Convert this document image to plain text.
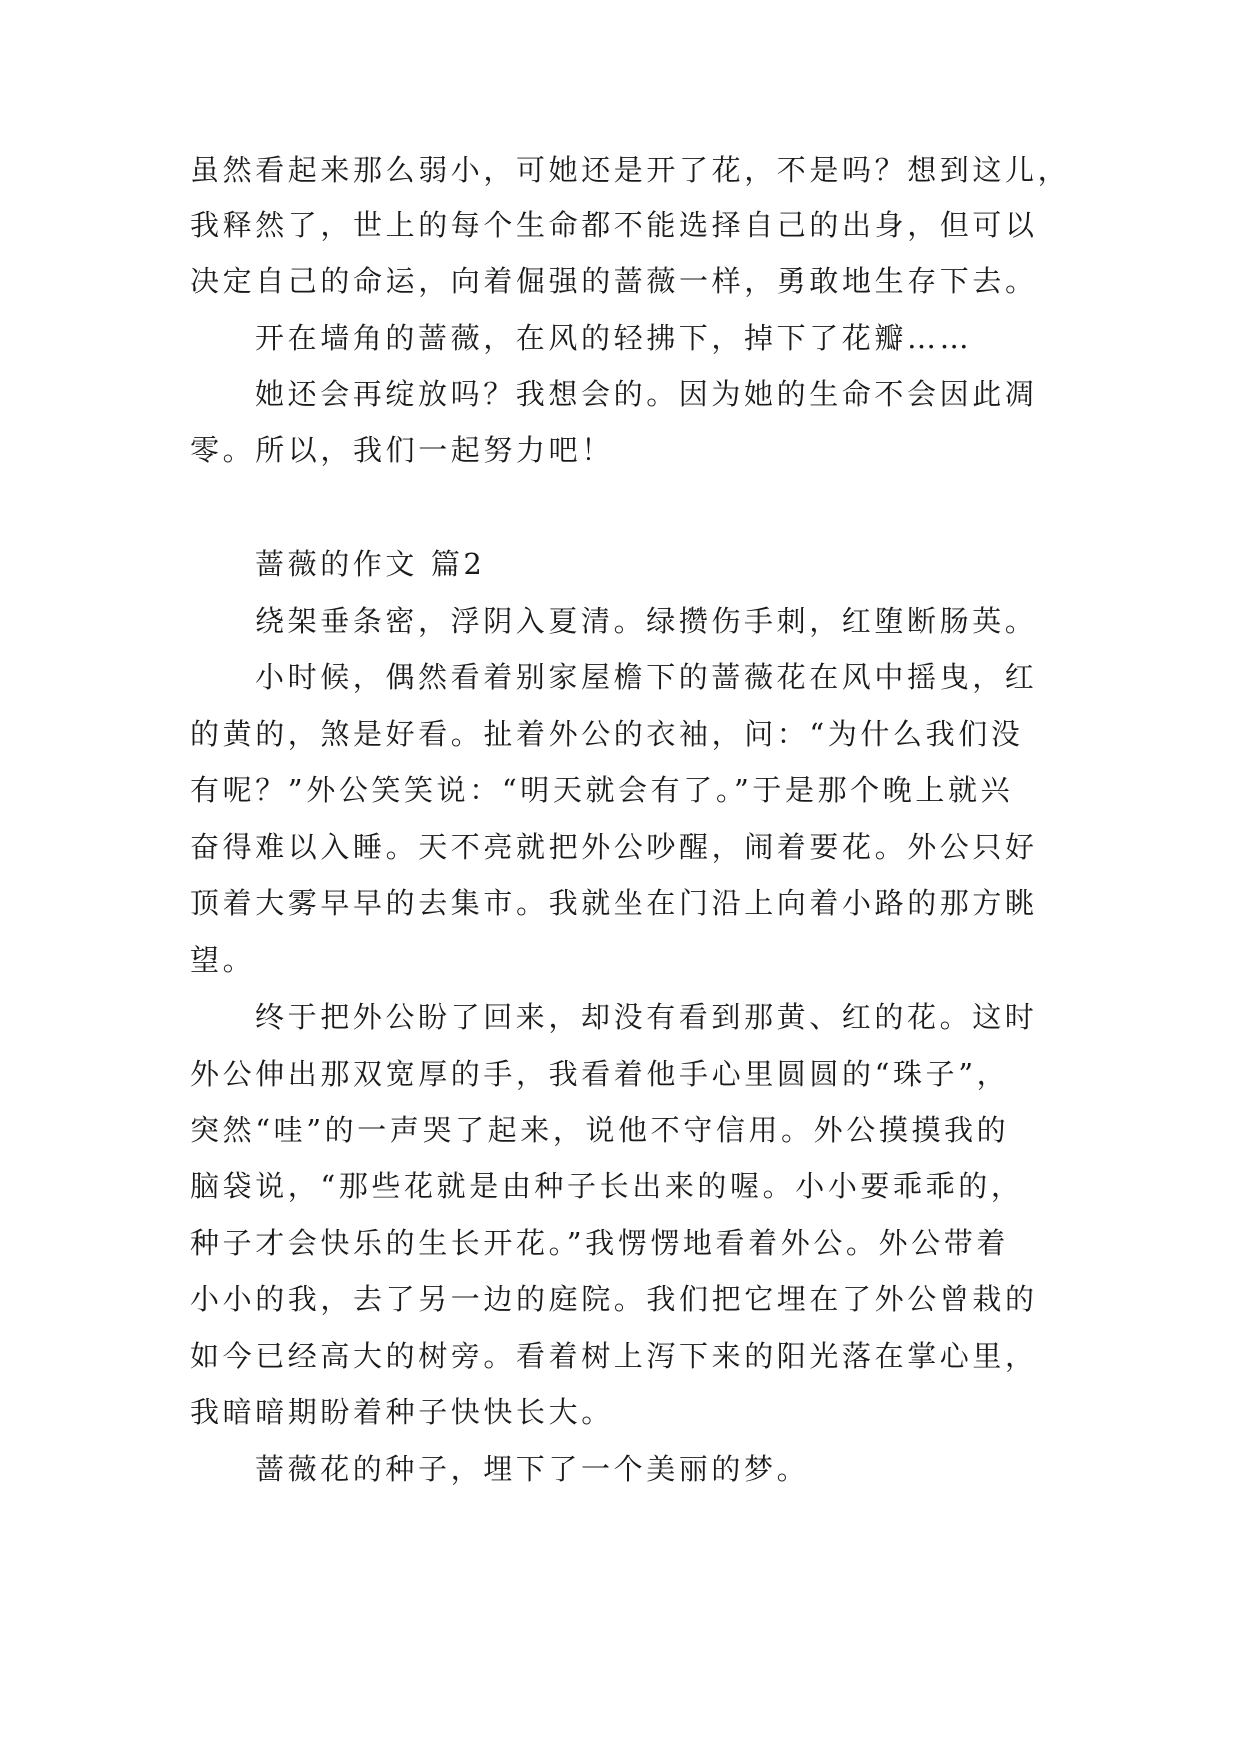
虽然看起来那么弱小，可她还是开了花，不是吗？想到这儿，
我释然了，世上的每个生命都不能选择自己的出身，但可以
决定自己的命运，向着倔强的蔷薇一样，勇敢地生存下去。
开在墙角的蔷薇，在风的轻拂下，掉下了花瓣……
她还会再绽放吗？我想会的。因为她的生命不会因此凋
零。所以，我们一起努力吧！
蔷薇的作文 篇2
绕架垂条密，浮阴入夏清。绿攒伤手刺，红堕断肠英。
小时候，偶然看着别家屋檐下的蔷薇花在风中摇曳，红
的黄的，煞是好看。扯着外公的衣袖，问：“为什么我们没
有呢？”外公笑笑说：“明天就会有了。”于是那个晚上就兴
奋得难以入睡。天不亮就把外公吵醒，闹着要花。外公只好
顶着大雾早早的去集市。我就坐在门沿上向着小路的那方眺
望。
终于把外公盼了回来，却没有看到那黄、红的花。这时
外公伸出那双宽厚的手，我看着他手心里圆圆的“珠子”，
突然“哇”的一声哭了起来，说他不守信用。外公摸摸我的
脑袋说，“那些花就是由种子长出来的喔。小小要乖乖的，
种子才会快乐的生长开花。”我愣愣地看着外公。外公带着
小小的我，去了另一边的庭院。我们把它埋在了外公曾栽的
如今已经高大的树旁。看着树上泻下来的阳光落在掌心里，
我暗暗期盼着种子快快长大。
蔷薇花的种子，埋下了一个美丽的梦。
